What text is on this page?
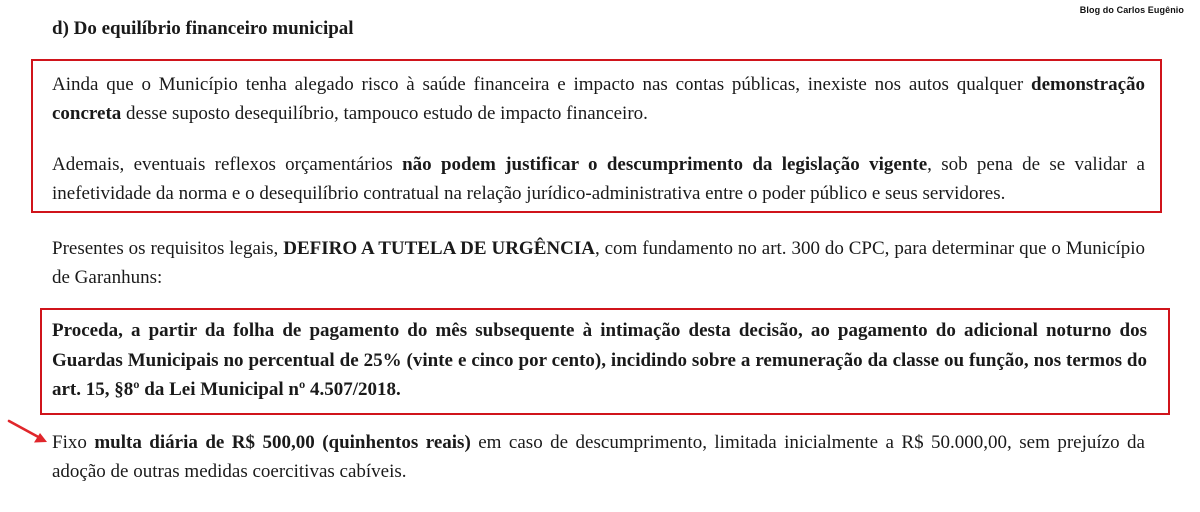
Blog do Carlos Eugênio
d) Do equilíbrio financeiro municipal

Ainda que o Município tenha alegado risco à saúde financeira e impacto nas contas públicas, inexiste nos autos qualquer demonstração concreta desse suposto desequilíbrio, tampouco estudo de impacto financeiro.

Ademais, eventuais reflexos orçamentários não podem justificar o descumprimento da legislação vigente, sob pena de se validar a inefetividade da norma e o desequilíbrio contratual na relação jurídico-administrativa entre o poder público e seus servidores.

Presentes os requisitos legais, DEFIRO A TUTELA DE URGÊNCIA, com fundamento no art. 300 do CPC, para determinar que o Município de Garanhuns:

Proceda, a partir da folha de pagamento do mês subsequente à intimação desta decisão, ao pagamento do adicional noturno dos Guardas Municipais no percentual de 25% (vinte e cinco por cento), incidindo sobre a remuneração da classe ou função, nos termos do art. 15, §8º da Lei Municipal nº 4.507/2018.

Fixo multa diária de R$ 500,00 (quinhentos reais) em caso de descumprimento, limitada inicialmente a R$ 50.000,00, sem prejuízo da adoção de outras medidas coercitivas cabíveis.
